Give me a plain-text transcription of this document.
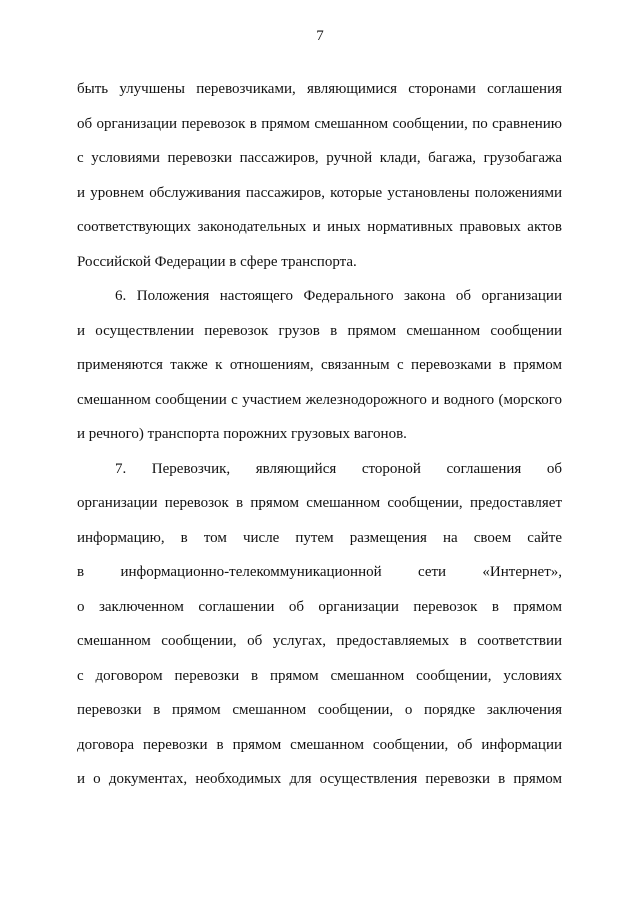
7
быть улучшены перевозчиками, являющимися сторонами соглашения
об организации перевозок в прямом смешанном сообщении, по сравнению
с условиями перевозки пассажиров, ручной клади, багажа, грузобагажа
и уровнем обслуживания пассажиров, которые установлены положениями
соответствующих законодательных и иных нормативных правовых актов
Российской Федерации в сфере транспорта.
6. Положения настоящего Федерального закона об организации
и осуществлении перевозок грузов в прямом смешанном сообщении
применяются также к отношениям, связанным с перевозками в прямом
смешанном сообщении с участием железнодорожного и водного (морского
и речного) транспорта порожних грузовых вагонов.
7. Перевозчик, являющийся стороной соглашения об
организации перевозок в прямом смешанном сообщении, предоставляет
информацию, в том числе путем размещения на своем сайте
в информационно-телекоммуникационной сети «Интернет»,
о заключенном соглашении об организации перевозок в прямом
смешанном сообщении, об услугах, предоставляемых в соответствии
с договором перевозки в прямом смешанном сообщении, условиях
перевозки в прямом смешанном сообщении, о порядке заключения
договора перевозки в прямом смешанном сообщении, об информации
и о документах, необходимых для осуществления перевозки в прямом
